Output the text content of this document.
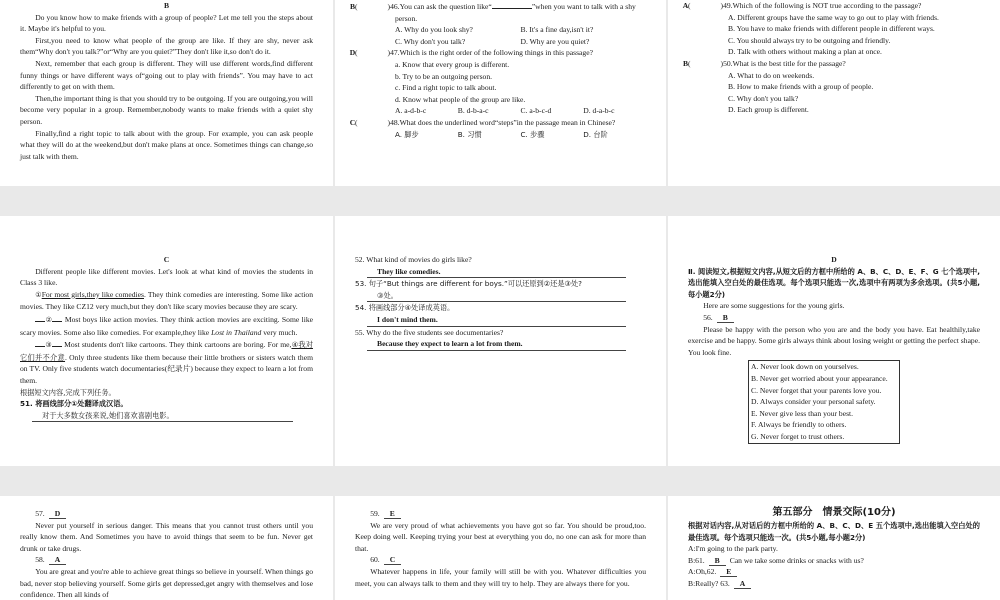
B

Do you know how to make friends with a group of people? Let me tell you the steps about it. Maybe it's helpful to you.

First,you need to know what people of the group are like. If they are shy, never ask them“Why don't you talk?”or“Why are you quiet?”They don't like it,so don't do it.

Next, remember that each group is different. They will use different words,find different funny things or have different ways of“going out to play with friends”. You may have to act differently to get on with them.

Then,the important thing is that you should try to be outgoing. If you are outgoing,you will become very popular in a group. Remember,nobody wants to make friends with a quiet shy person.

Finally,find a right topic to talk about with the group. For example, you can ask people what they will do at the weekend,but don't make plans at once. Sometimes things can change,so just talk with them.

(B	)46.You can ask the question like“	”when you want to talk with a shy person.

A. Why do you look shy?	B. It's a fine day,isn't it?
C. Why don't you talk?	D. Why are you quiet?

(D	)47.Which is the right order of the following things in this passage?

a. Know that every group is different.

b. Try to be an outgoing person.

c. Find a right topic to talk about.

d. Know what people of the group are like.

A. a-d-b-c	B. d-b-a-c	C. a-b-c-d	D. d-a-b-c

(C	)48.What does the underlined word“steps”in the passage mean in Chinese?

A. 脚步	B. 习惯	C. 步骤	D. 台阶

(A	)49.Which of the following is NOT true according to the passage?

A. Different groups have the same way to go out to play with friends.

B. You have to make friends with different people in different ways.

C. You should always try to be outgoing and friendly.

D. Talk with others without making a plan at once.

(B	)50.What is the best title for the passage?

A. What to do on weekends.

B. How to make friends with a group of people.

C. Why don't you talk?

D. Each group is different.

C

Different people like different movies. Let's look at what kind of movies the students in Class 3 like.

①For most girls,they like comedies. They think comedies are interesting. Some like action movies. They like CZ12 very much,but they don't like scary movies because they are scary.

② Most boys like action movies. They think action movies are exciting. Some like scary movies. Some also like comedies. For example,they like Lost in Thailand very much.

③ Most students don't like cartoons. They think cartoons are boring. For me,④我对它们并不介意. Only three students like them because their little brothers or sisters watch them on TV. Only five students watch documentaries(纪录片) because they expect to learn a lot from them.

根据短文内容,完成下列任务。

51. 将画线部分①处翻译成汉语。

对于大多数女孩来说,她们喜欢喜剧电影。

52. What kind of movies do girls like?

They like comedies.

53. 句子“But things are different for boys.”可以还原到②还是③处?

③处。

54. 将画线部分④处译成英语。

I don't mind them.

55. Why do the five students see documentaries?

Because they expect to learn a lot from them.

D

Ⅱ. 阅读短文,根据短文内容,从短文后的方框中所给的 A、B、C、D、E、F、G 七个选项中,选出能填入空白处的最佳选项。每个选项只能选一次,选项中有两项为多余选项。(共5小题,每小题2分)

Here are some suggestions for the young girls.

56. B

Please be happy with the person who you are and the body you have. Eat healthily,take exercise and be happy. Some girls always think about losing weight or getting the perfect shape. You look fine.

A. Never look down on yourselves.

B. Never get worried about your appearance.

C. Never forget that your parents love you.

D. Always consider your personal safety.

E. Never give less than your best.

F. Always be friendly to others.

G. Never forget to trust others.

57. D

Never put yourself in serious danger. This means that you cannot trust others until you really know them. And Sometimes you have to avoid things that seem to be fun. Never get drunk or take drugs.

58. A

You are great and you're able to achieve great things so believe in yourself. When things go bad, never stop believing yourself. Some girls get depressed,get angry with themselves and lose confidence. Then all kinds of

59. E

We are very proud of what achievements you have got so far. You should be proud,too. Keep doing well. Keeping trying your best at everything you do, no one can ask for more than that.

60. C

Whatever happens in life, your family will still be with you. Whatever difficulties you meet, you can always talk to them and they will try to help. They are always there for you.

第五部分　情景交际(10分)

根据对话内容,从对话后的方框中所给的 A、B、C、D、E 五个选项中,选出能填入空白处的最佳选项。每个选项只能选一次。(共5小题,每小题2分)

A:I'm going to the park party.

B:61. B Can we take some drinks or snacks with us?

A:Oh,62. E

B:Really? 63. A
